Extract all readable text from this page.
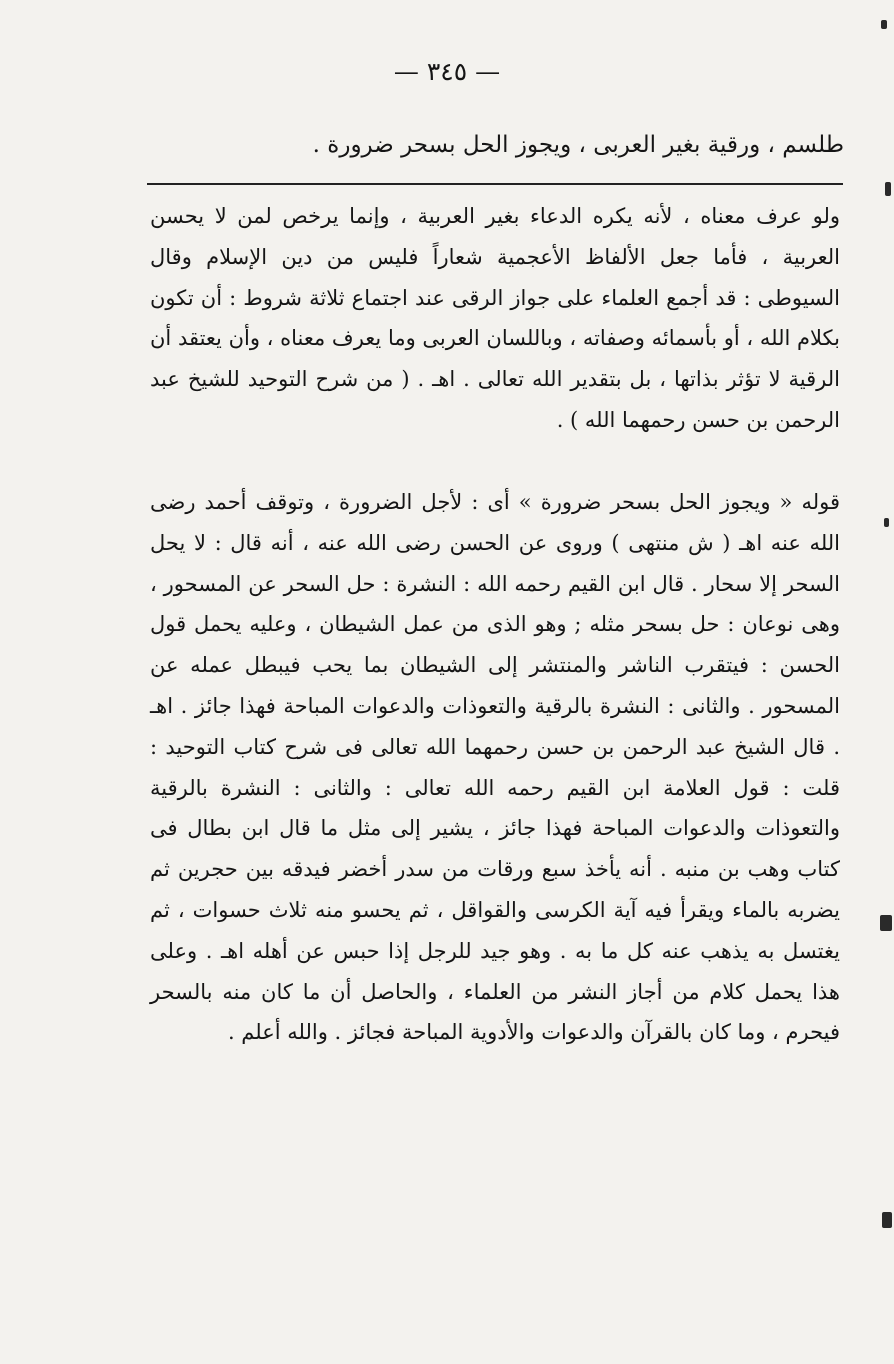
— ٣٤٥ —
طلسم ، ورقية بغير العربى ، ويجوز الحل بسحر ضرورة .

ولو عرف معناه ، لأنه يكره الدعاء بغير العربية ، وإنما يرخص لمن لا يحسن العربية ، فأما جعل الألفاظ الأعجمية شعاراً فليس من دين الإسلام وقال السيوطى : قد أجمع العلماء على جواز الرقى عند اجتماع ثلاثة شروط : أن تكون بكلام الله ، أو بأسمائه وصفاته ، وباللسان العربى وما يعرف معناه ، وأن يعتقد أن الرقية لا تؤثر بذاتها ، بل بتقدير الله تعالى . اهـ . ( من شرح التوحيد للشيخ عبد الرحمن بن حسن رحمهما الله ) .

قوله « ويجوز الحل بسحر ضرورة » أى : لأجل الضرورة ، وتوقف أحمد رضى الله عنه اهـ ( ش منتهى ) وروى عن الحسن رضى الله عنه ، أنه قال : لا يحل السحر إلا سحار . قال ابن القيم رحمه الله : النشرة : حل السحر عن المسحور ، وهى نوعان : حل بسحر مثله ; وهو الذى من عمل الشيطان ، وعليه يحمل قول الحسن : فيتقرب الناشر والمنتشر إلى الشيطان بما يحب فيبطل عمله عن المسحور . والثانى : النشرة بالرقية والتعوذات والدعوات المباحة فهذا جائز . اهـ . قال الشيخ عبد الرحمن بن حسن رحمهما الله تعالى فى شرح كتاب التوحيد : قلت : قول العلامة ابن القيم رحمه الله تعالى : والثانى : النشرة بالرقية والتعوذات والدعوات المباحة فهذا جائز ، يشير إلى مثل ما قال ابن بطال فى كتاب وهب بن منبه . أنه يأخذ سبع ورقات من سدر أخضر فيدقه بين حجرين ثم يضربه بالماء ويقرأ فيه آية الكرسى والقواقل ، ثم يحسو منه ثلاث حسوات ، ثم يغتسل به يذهب عنه كل ما به . وهو جيد للرجل إذا حبس عن أهله اهـ . وعلى هذا يحمل كلام من أجاز النشر من العلماء ، والحاصل أن ما كان منه بالسحر فيحرم ، وما كان بالقرآن والدعوات والأدوية المباحة فجائز . والله أعلم .
